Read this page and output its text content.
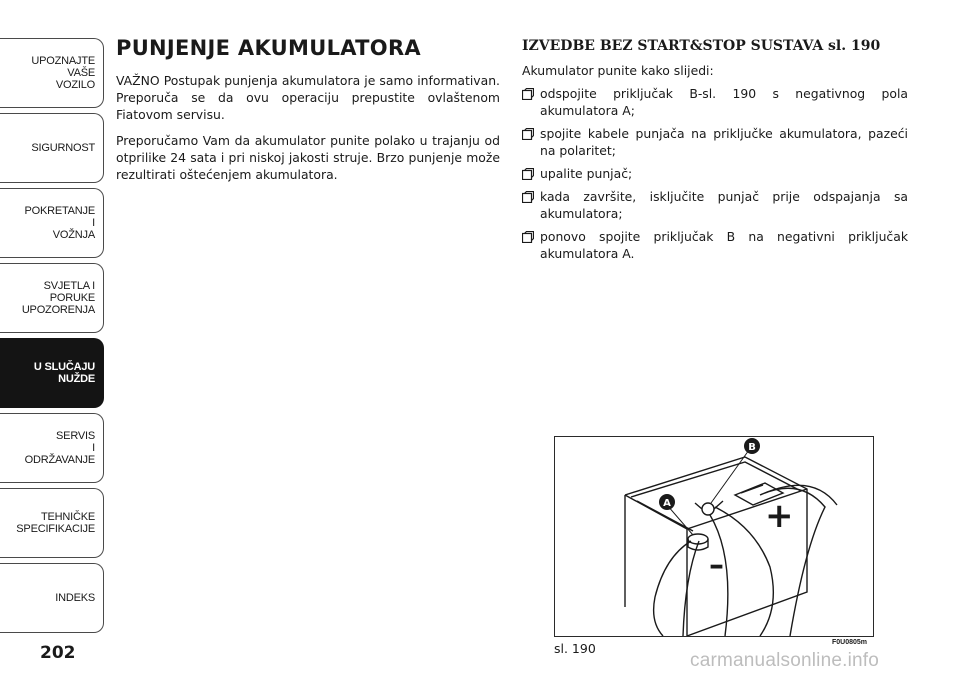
UPOZNAJTE
VAŠE
VOZILO
SIGURNOST
POKRETANJE
I
VOŽNJA
SVJETLA I
PORUKE
UPOZORENJA
U SLUČAJU
NUŽDE
SERVIS
I
ODRŽAVANJE
TEHNIČKE
SPECIFIKACIJE
INDEKS
202
PUNJENJE AKUMULATORA

VAŽNO Postupak punjenja akumulatora je samo informativan. Preporuča se da ovu operaciju prepustite ovlaštenom Fiatovom servisu.

Preporučamo Vam da akumulator punite polako u trajanju od otprilike 24 sata i pri niskoj jakosti struje. Brzo punjenje može rezultirati oštećenjem akumulatora.

IZVEDBE BEZ START&STOP SUSTAVA sl. 190
Akumulator punite kako slijedi:
odspojite priključak B-sl. 190 s negativnog pola akumulatora A;
spojite kabele punjača na priključke akumulatora, pazeći na polaritet;
upalite punjač;
kada završite, isključite punjač prije odspajanja sa akumulatora;
ponovo spojite priključak B na negativni priključak akumulatora A.
+
–
B
A
sl. 190	F0U0805m
carmanualsonline.info
